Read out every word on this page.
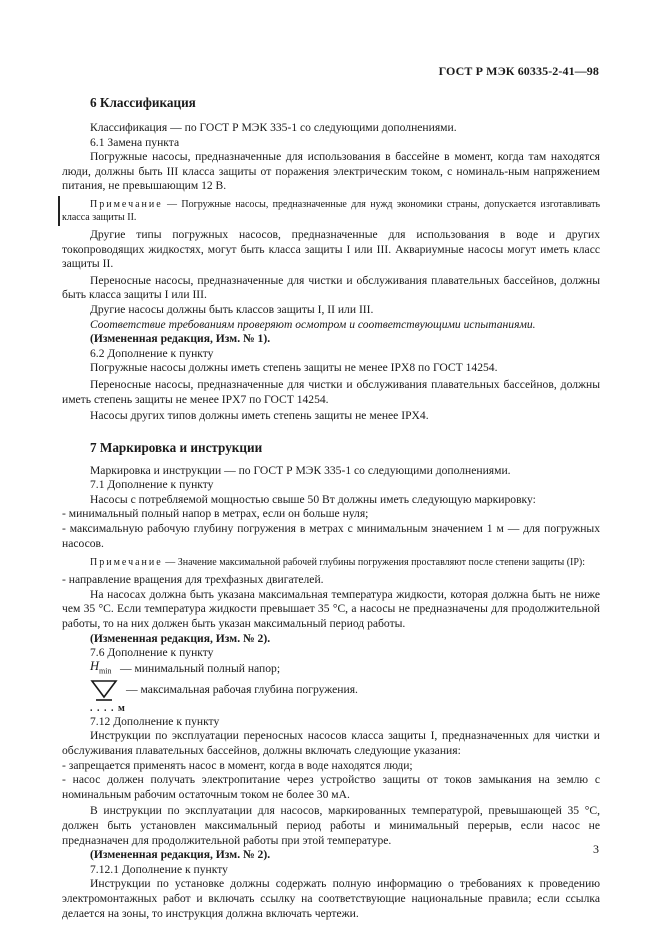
ГОСТ Р МЭК 60335-2-41—98
6 Классификация

Классификация — по ГОСТ Р МЭК 335-1 со следующими дополнениями.

6.1 Замена пункта

Погружные насосы, предназначенные для использования в бассейне в момент, когда там находятся люди, должны быть III класса защиты от поражения электрическим током, с номиналь-ным напряжением питания, не превышающим 12 В.

Примечание — Погружные насосы, предназначенные для нужд экономики страны, допускается изготавливать класса защиты II.

Другие типы погружных насосов, предназначенные для использования в воде и других токопроводящих жидкостях, могут быть класса защиты I или III. Аквариумные насосы могут иметь класс защиты II.

Переносные насосы, предназначенные для чистки и обслуживания плавательных бассейнов, должны быть класса защиты I или III.

Другие насосы должны быть классов защиты I, II или III.

Соответствие требованиям проверяют осмотром и соответствующими испытаниями.

(Измененная редакция, Изм. № 1).

6.2 Дополнение к пункту

Погружные насосы должны иметь степень защиты не менее IPX8 по ГОСТ 14254.

Переносные насосы, предназначенные для чистки и обслуживания плавательных бассейнов, должны иметь степень защиты не менее IPX7 по ГОСТ 14254.

Насосы других типов должны иметь степень защиты не менее IPX4.

7 Маркировка и инструкции

Маркировка и инструкции — по ГОСТ Р МЭК 335-1 со следующими дополнениями.

7.1 Дополнение к пункту

Насосы с потребляемой мощностью свыше 50 Вт должны иметь следующую маркировку:

- минимальный полный напор в метрах, если он больше нуля;

- максимальную рабочую глубину погружения в метрах с минимальным значением 1 м — для погружных насосов.

Примечание — Значение максимальной рабочей глубины погружения проставляют после степени защиты (IP):

- направление вращения для трехфазных двигателей.

На насосах должна быть указана максимальная температура жидкости, которая должна быть не ниже чем 35 °С. Если температура жидкости превышает 35 °С, а насосы не предназначены для продолжительной работы, то на них должен быть указан максимальный период работы.

(Измененная редакция, Изм. № 2).

7.6 Дополнение к пункту

$H_{min}$ — минимальный полный напор;
— максимальная рабочая глубина погружения.
. . . . м

7.12 Дополнение к пункту

Инструкции по эксплуатации переносных насосов класса защиты I, предназначенных для чистки и обслуживания плавательных бассейнов, должны включать следующие указания:

- запрещается применять насос в момент, когда в воде находятся люди;

- насос должен получать электропитание через устройство защиты от токов замыкания на землю с номинальным рабочим остаточным током не более 30 мА.

В инструкции по эксплуатации для насосов, маркированных температурой, превышающей 35 °С, должен быть установлен максимальный период работы и минимальный перерыв, если насос не предназначен для продолжительной работы при этой температуре.

(Измененная редакция, Изм. № 2).

7.12.1 Дополнение к пункту

Инструкции по установке должны содержать полную информацию о требованиях к проведению электромонтажных работ и включать ссылку на соответствующие национальные правила; если ссылка делается на зоны, то инструкция должна включать чертежи.

3
